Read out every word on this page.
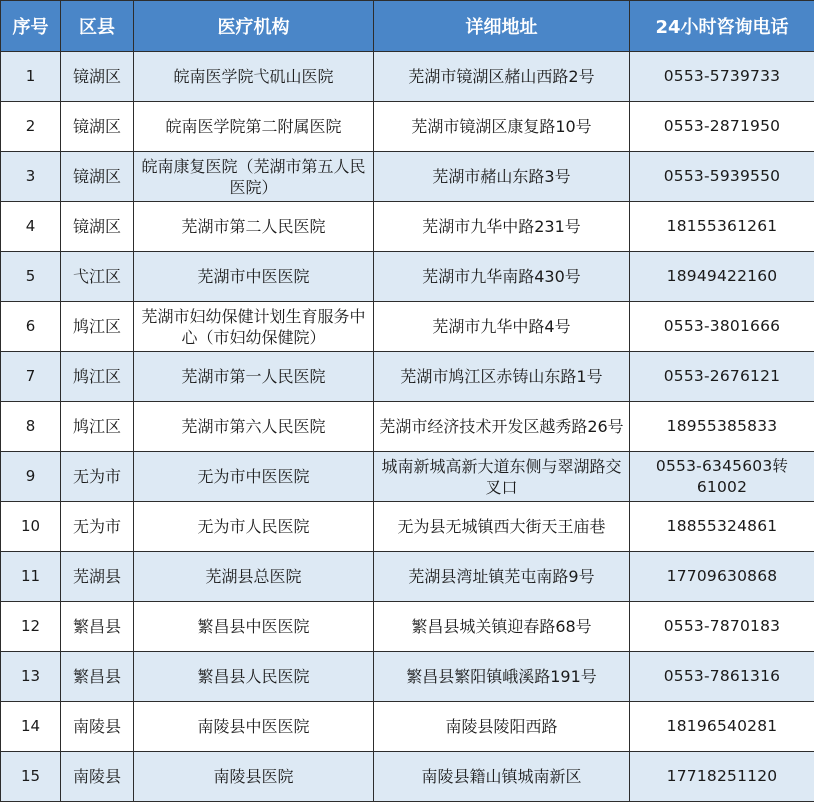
序号	区县	医疗机构	详细地址	24小时咨询电话
1	镜湖区	皖南医学院弋矶山医院	芜湖市镜湖区赭山西路2号	0553-5739733
2	镜湖区	皖南医学院第二附属医院	芜湖市镜湖区康复路10号	0553-2871950
3	镜湖区	皖南康复医院（芜湖市第五人民医院）	芜湖市赭山东路3号	0553-5939550
4	镜湖区	芜湖市第二人民医院	芜湖市九华中路231号	18155361261
5	弋江区	芜湖市中医医院	芜湖市九华南路430号	18949422160
6	鸠江区	芜湖市妇幼保健计划生育服务中心（市妇幼保健院）	芜湖市九华中路4号	0553-3801666
7	鸠江区	芜湖市第一人民医院	芜湖市鸠江区赤铸山东路1号	0553-2676121
8	鸠江区	芜湖市第六人民医院	芜湖市经济技术开发区越秀路26号	18955385833
9	无为市	无为市中医医院	城南新城高新大道东侧与翠湖路交叉口	0553-6345603转61002
10	无为市	无为市人民医院	无为县无城镇西大街天王庙巷	18855324861
11	芜湖县	芜湖县总医院	芜湖县湾址镇芜屯南路9号	17709630868
12	繁昌县	繁昌县中医医院	繁昌县城关镇迎春路68号	0553-7870183
13	繁昌县	繁昌县人民医院	繁昌县繁阳镇峨溪路191号	0553-7861316
14	南陵县	南陵县中医医院	南陵县陵阳西路	18196540281
15	南陵县	南陵县医院	南陵县籍山镇城南新区	17718251120
